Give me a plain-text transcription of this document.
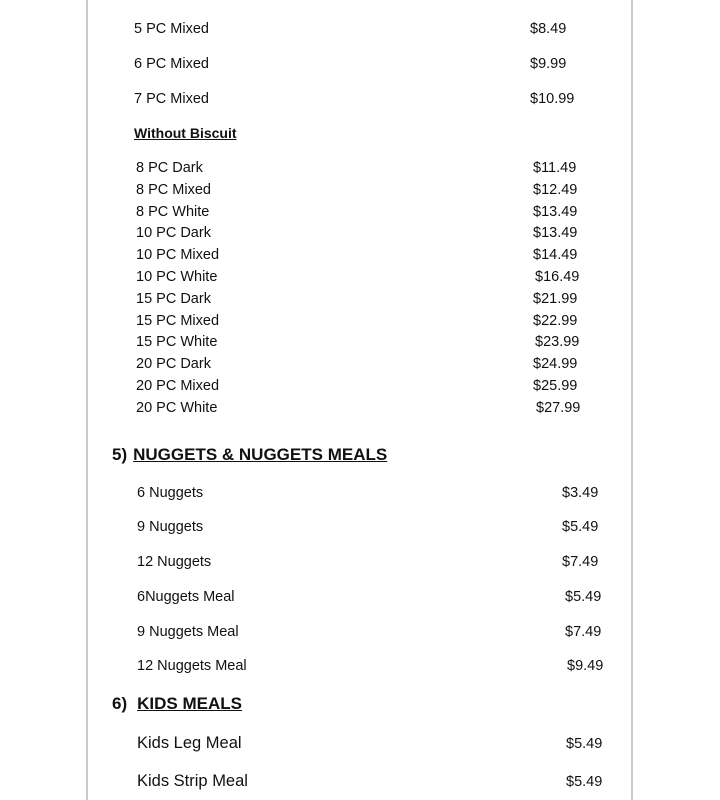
5 PC Mixed	$8.49
6 PC Mixed	$9.99
7 PC Mixed	$10.99
Without Biscuit
8 PC Dark	$11.49
8 PC Mixed	$12.49
8 PC White	$13.49
10 PC Dark	$13.49
10 PC Mixed	$14.49
10 PC White	$16.49
15 PC Dark	$21.99
15 PC Mixed	$22.99
15 PC White	$23.99
20 PC Dark	$24.99
20 PC Mixed	$25.99
20 PC White	$27.99
5) NUGGETS & NUGGETS MEALS
6 Nuggets	$3.49
9 Nuggets	$5.49
12 Nuggets	$7.49
6Nuggets Meal	$5.49
9 Nuggets Meal	$7.49
12 Nuggets Meal	$9.49
6) KIDS MEALS
Kids Leg Meal	$5.49
Kids Strip Meal	$5.49
